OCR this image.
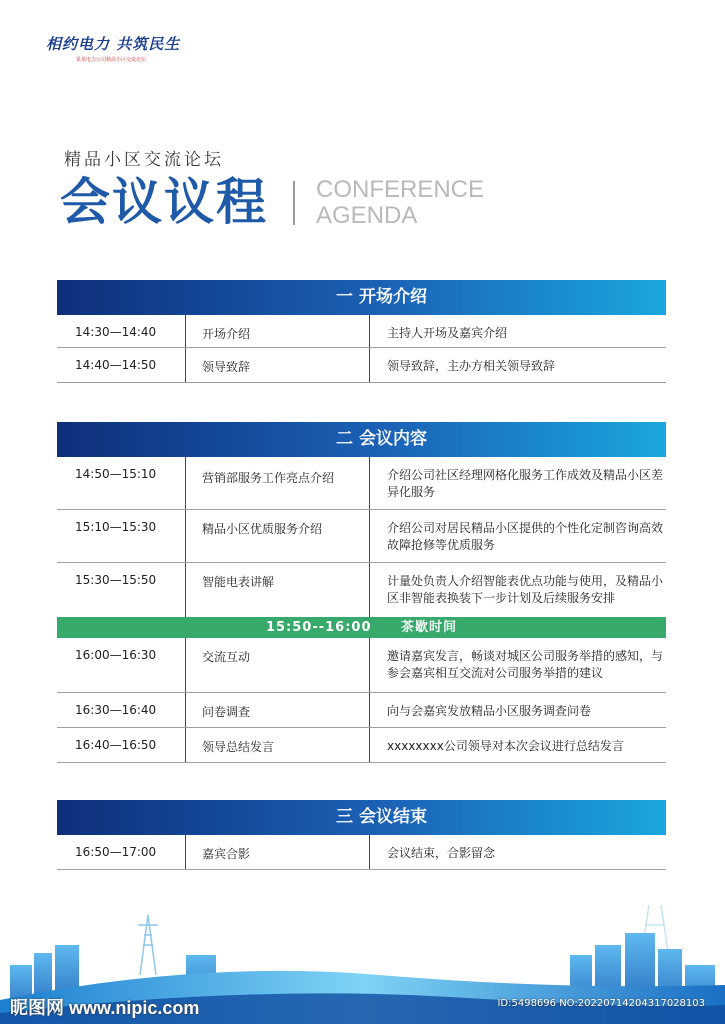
相约电力 共筑民生
某某电力公司精品小区交流论坛
精品小区交流论坛
会议议程 CONFERENCE
AGENDA
一 开场介绍
14:30—14:40	开场介绍	主持人开场及嘉宾介绍
14:40—14:50	领导致辞	领导致辞，主办方相关领导致辞
二 会议内容
14:50—15:10	营销部服务工作亮点介绍	介绍公司社区经理网格化服务工作成效及精品小区差异化服务
15:10—15:30	精品小区优质服务介绍	介绍公司对居民精品小区提供的个性化定制咨询高效故障抢修等优质服务
15:30—15:50	智能电表讲解	计量处负责人介绍智能表优点功能与使用，及精品小区非智能表换装下一步计划及后续服务安排
15:50--16:00 茶歇时间
16:00—16:30	交流互动	邀请嘉宾发言，畅谈对城区公司服务举措的感知，与参会嘉宾相互交流对公司服务举措的建议
16:30—16:40	问卷调查	向与会嘉宾发放精品小区服务调查问卷
16:40—16:50	领导总结发言	xxxxxxxx公司领导对本次会议进行总结发言
三 会议结束
16:50—17:00	嘉宾合影	会议结束，合影留念
昵图网 www.nipic.com	ID:5498696 NO:20220714204317028103
